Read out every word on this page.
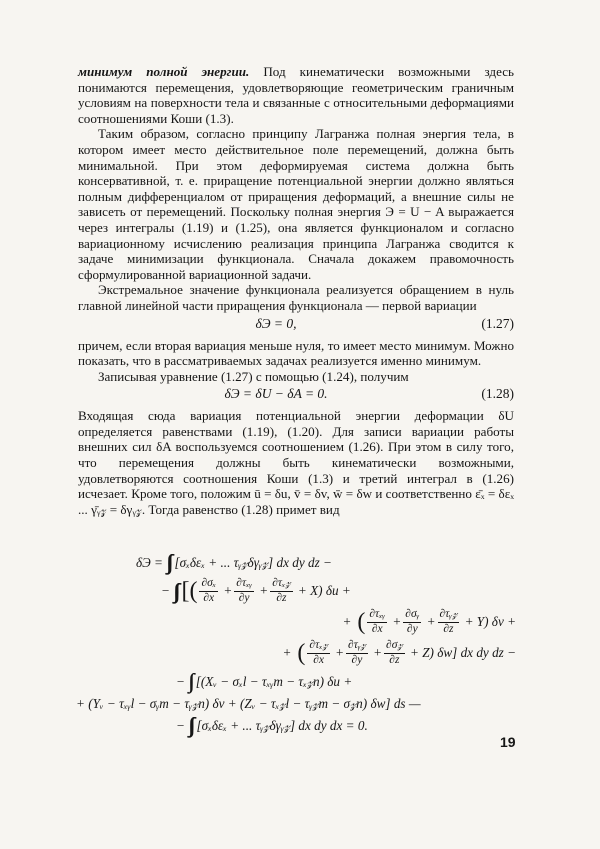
минимум полной энергии. Под кинематически возможными здесь понимаются перемещения, удовлетворяющие геометрическим граничным условиям на поверхности тела и связанные с относительными деформациями соотношениями Коши (1.3).

Таким образом, согласно принципу Лагранжа полная энергия тела, в котором имеет место действительное поле перемещений, должна быть минимальной. При этом деформируемая система должна быть консервативной, т. е. приращение потенциальной энергии должно являться полным дифференциалом от приращения деформаций, а внешние силы не зависеть от перемещений. Поскольку полная энергия Э = U − A выражается через интегралы (1.19) и (1.25), она является функционалом и согласно вариационному исчислению реализация принципа Лагранжа сводится к задаче минимизации функционала. Сначала докажем правомочность сформулированной вариационной задачи.

Экстремальное значение функционала реализуется обращением в нуль главной линейной части приращения функционала — первой вариации

δЭ = 0,	(1.27)

причем, если вторая вариация меньше нуля, то имеет место минимум. Можно показать, что в рассматриваемых задачах реализуется именно минимум.

Записывая уравнение (1.27) с помощью (1.24), получим

δЭ = δU − δA = 0.	(1.28)

Входящая сюда вариация потенциальной энергии деформации δU определяется равенствами (1.19), (1.20). Для записи вариации работы внешних сил δA воспользуемся соотношением (1.26). При этом в силу того, что перемещения должны быть кинематически возможными, удовлетворяются соотношения Коши (1.3) и третий интеграл в (1.26) исчезает. Кроме того, положим ū = δu, v̄ = δv, w̄ = δw и соответственно ε̄ₓ = δεₓ ... γ̄ᵧ𝓏 = δγᵧ𝓏. Тогда равенство (1.28) примет вид

δЭ =
∫∫∫ [σₓδεₓ + ... τᵧ𝓏δγᵧ𝓏] dx dy dz −
−
∫∫∫ [( $\frac{\text{∂σₓ}}{\partial x} + \frac{\text{∂τₓᵧ}}{\partial y} + \frac{\text{∂τₓ𝓏}}{\partial z}$
+ X) δu +
+ ( $\frac{\text{∂τₓᵧ}}{\partial x} + \frac{\text{∂σᵧ}}{\partial y} + \frac{\text{∂τᵧ𝓏}}{\partial z}$
+ Y) δv +
+ ( $\frac{\text{∂τₓ𝓏}}{\partial x} + \frac{\text{∂τᵧ𝓏}}{\partial y} + \frac{\text{∂σ𝓏}}{\partial z}$
+ Z) δw] dx dy dz −
− ∫∫ [(Xᵥ − σₓl − τₓᵧm − τₓ𝓏n) δu +
+ (Yᵥ − τₓᵧl − σᵧm − τᵧ𝓏n) δv + (Zᵥ − τₓ𝓏l − τᵧ𝓏m − σ𝓏n) δw] ds —
− ∫∫∫ [σₓδεₓ + ... τᵧ𝓏δγᵧ𝓏] dx dy dx = 0.
19
